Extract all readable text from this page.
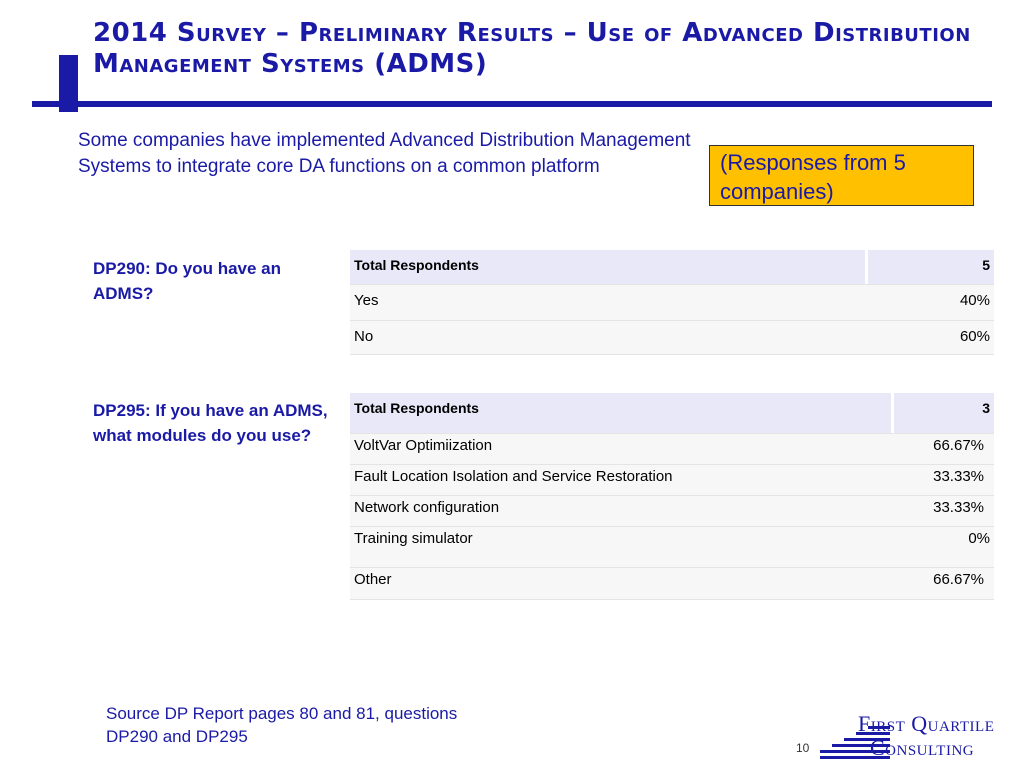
2014 Survey – Preliminary Results – Use of Advanced Distribution Management Systems (ADMS)
Some companies have implemented Advanced Distribution Management Systems to integrate core DA functions on a common platform	(Responses from 5 companies)
DP290: Do you have an ADMS?
Total Respondents	5
Yes	40%
No	60%
DP295: If you have an ADMS, what modules do you use?
Total Respondents	3
VoltVar Optimiization	66.67%
Fault Location Isolation and Service Restoration	33.33%
Network configuration	33.33%
Training simulator	0%
Other	66.67%
Source DP Report pages 80 and 81, questions DP290 and DP295
10
First Quartile
Consulting
